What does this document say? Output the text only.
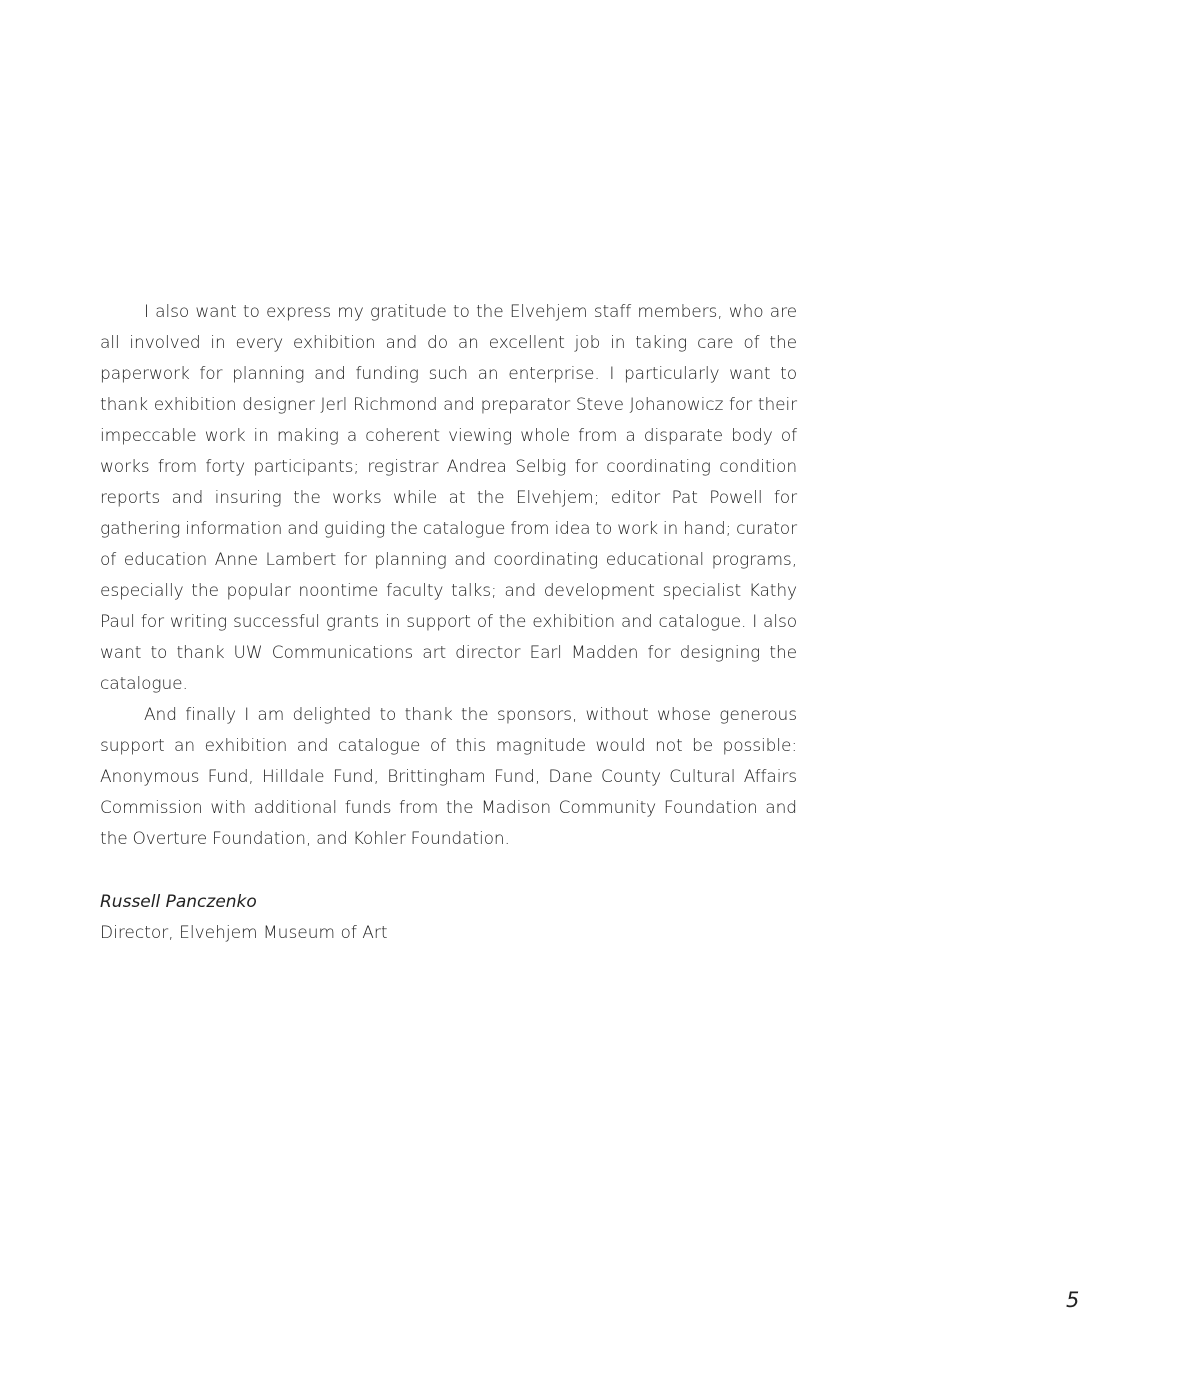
I also want to express my gratitude to the Elvehjem staff members, who are all involved in every exhibition and do an excellent job in taking care of the paperwork for planning and funding such an enterprise. I particularly want to thank exhibition designer Jerl Richmond and preparator Steve Johanowicz for their impeccable work in making a coherent viewing whole from a disparate body of works from forty participants; registrar Andrea Selbig for coordinating condition reports and insuring the works while at the Elvehjem; editor Pat Powell for gathering information and guiding the catalogue from idea to work in hand; curator of education Anne Lambert for planning and coordinating educational programs, especially the popular noontime faculty talks; and development specialist Kathy Paul for writing successful grants in support of the exhibition and catalogue. I also want to thank UW Communications art director Earl Madden for designing the catalogue.

And finally I am delighted to thank the sponsors, without whose generous support an exhibition and catalogue of this magnitude would not be possible: Anonymous Fund, Hilldale Fund, Brittingham Fund, Dane County Cultural Affairs Commission with additional funds from the Madison Community Foundation and the Overture Foundation, and Kohler Foundation.

Russell Panczenko
Director, Elvehjem Museum of Art
5
